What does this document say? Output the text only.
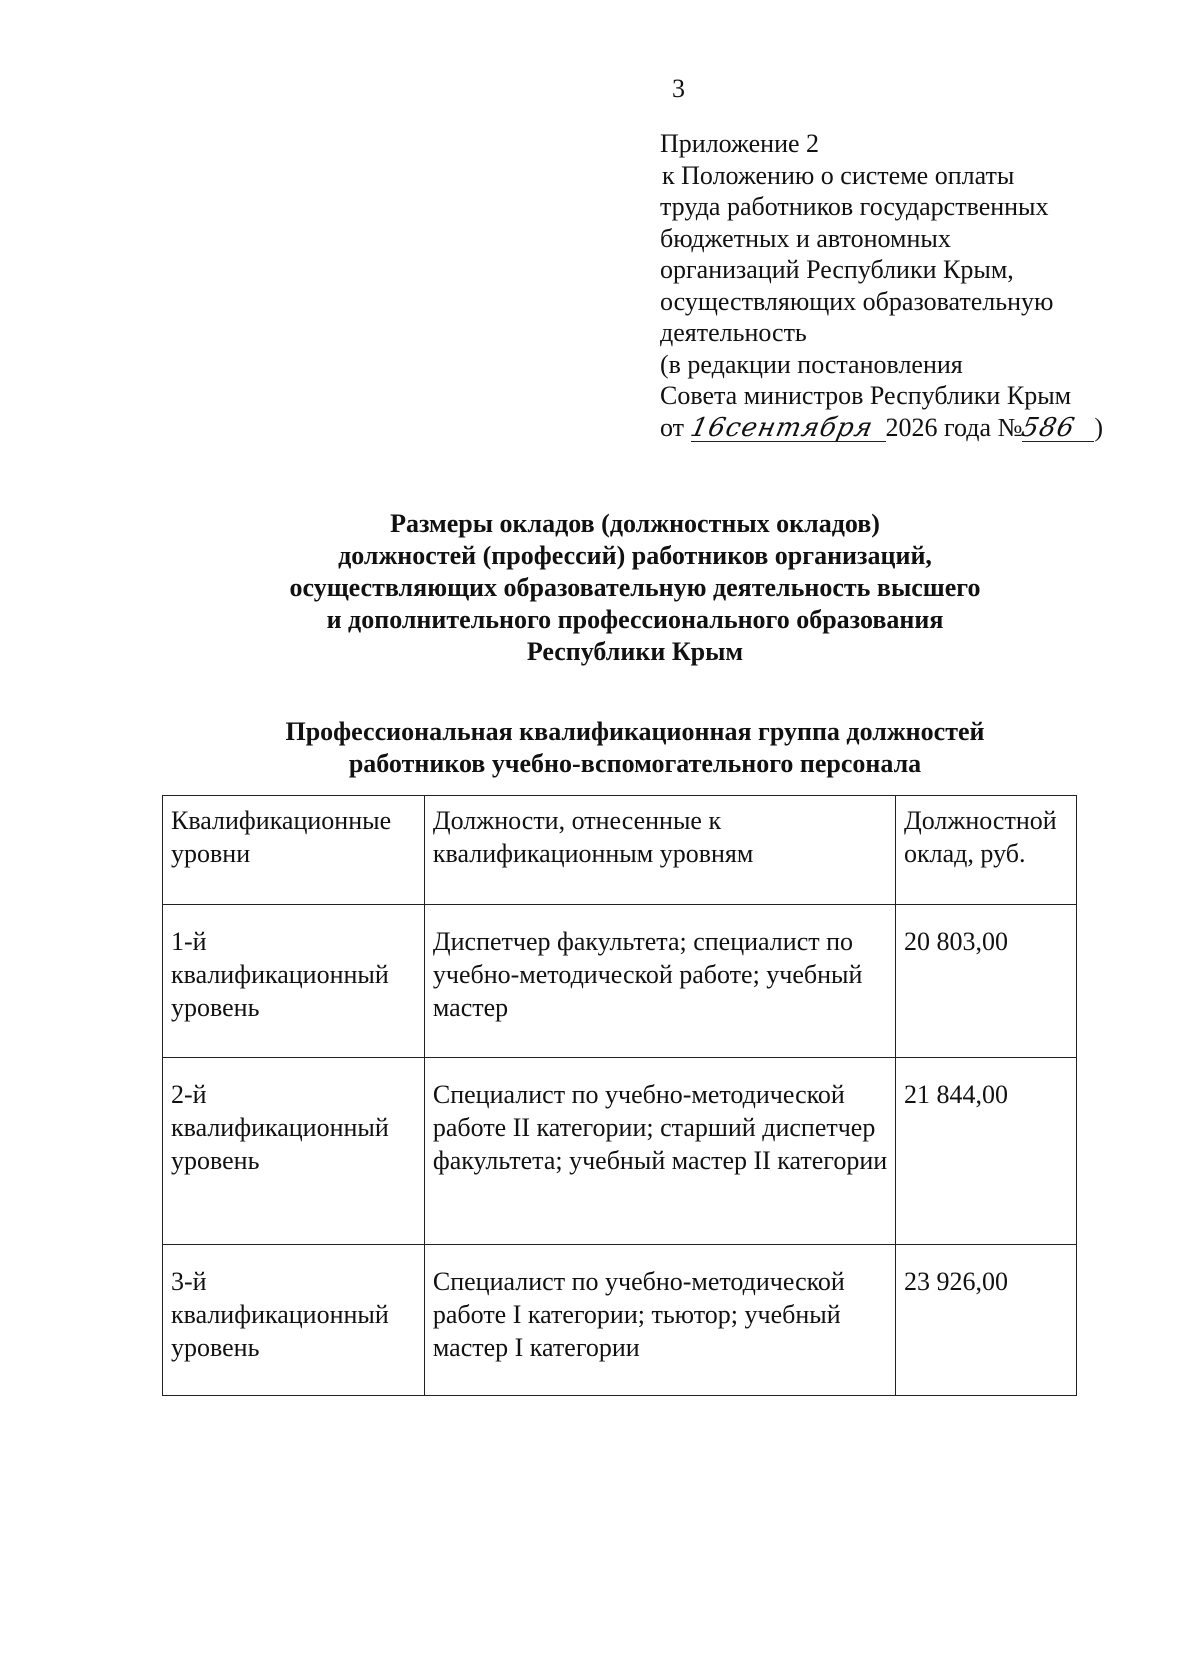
3
Приложение 2
к Положению о системе оплаты
труда работников государственных
бюджетных и автономных
организаций Республики Крым,
осуществляющих образовательную
деятельность
(в редакции постановления
Совета министров Республики Крым
от 16сентября 2026 года №586 )
Размеры окладов (должностных окладов)
должностей (профессий) работников организаций,
осуществляющих образовательную деятельность высшего
и дополнительного профессионального образования
Республики Крым
Профессиональная квалификационная группа должностей
работников учебно-вспомогательного персонала
Квалификационные уровни	Должности, отнесенные к квалификационным уровням	Должностной оклад, руб.
1-й квалификационный уровень	Диспетчер факультета; специалист по учебно-методической работе; учебный мастер	20 803,00
2-й квалификационный уровень	Специалист по учебно-методической работе II категории; старший диспетчер факультета; учебный мастер II категории	21 844,00
3-й квалификационный уровень	Специалист по учебно-методической работе I категории; тьютор; учебный мастер I категории	23 926,00
